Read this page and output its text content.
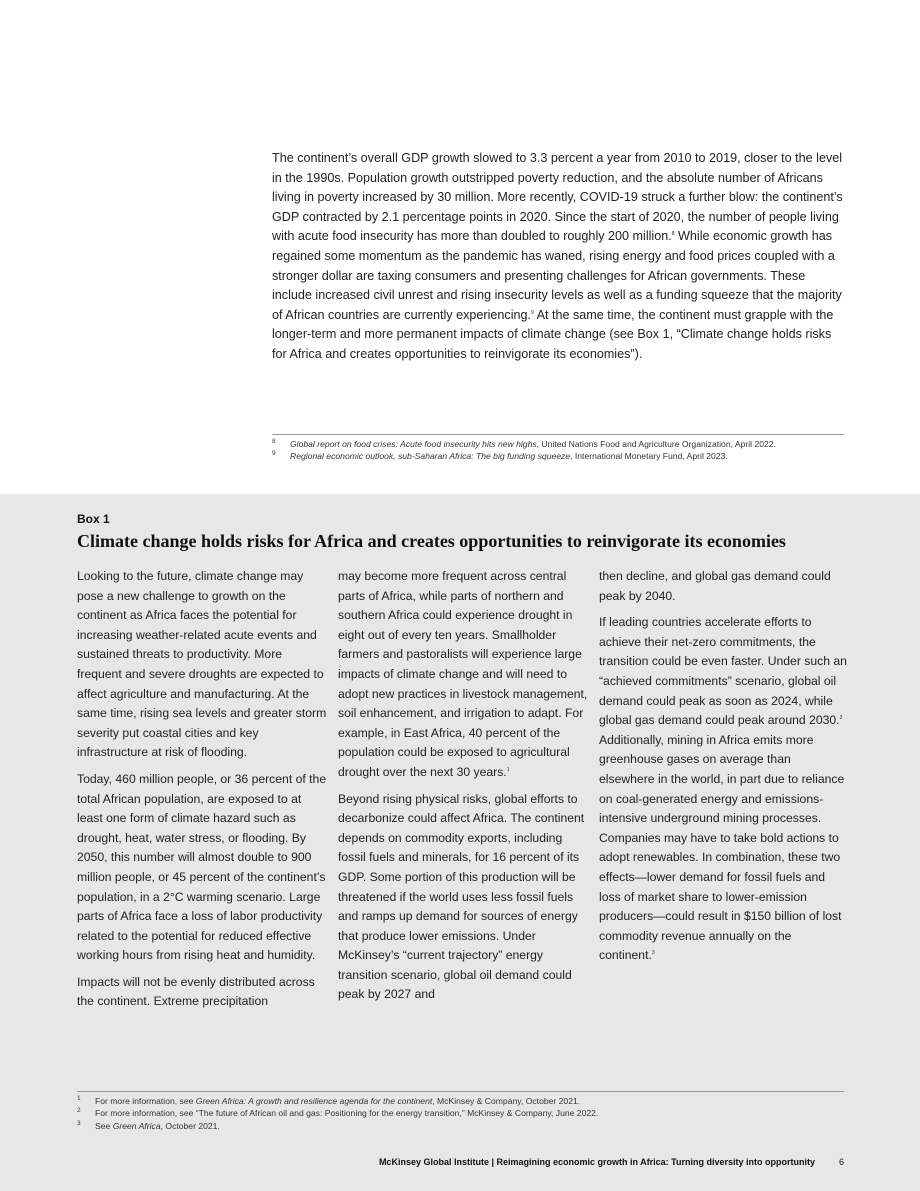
The continent’s overall GDP growth slowed to 3.3 percent a year from 2010 to 2019, closer to the level in the 1990s. Population growth outstripped poverty reduction, and the absolute number of Africans living in poverty increased by 30 million. More recently, COVID-19 struck a further blow: the continent’s GDP contracted by 2.1 percentage points in 2020. Since the start of 2020, the number of people living with acute food insecurity has more than doubled to roughly 200 million.$^8$ While economic growth has regained some momentum as the pandemic has waned, rising energy and food prices coupled with a stronger dollar are taxing consumers and presenting challenges for African governments. These include increased civil unrest and rising insecurity levels as well as a funding squeeze that the majority of African countries are currently experiencing.$^9$ At the same time, the continent must grapple with the longer-term and more permanent impacts of climate change (see Box 1, “Climate change holds risks for Africa and creates opportunities to reinvigorate its economies”).

8 Global report on food crises: Acute food insecurity hits new highs, United Nations Food and Agriculture Organization, April 2022.
9 Regional economic outlook, sub-Saharan Africa: The big funding squeeze, International Monetary Fund, April 2023.
Box 1
Climate change holds risks for Africa and creates opportunities to reinvigorate its economies

Looking to the future, climate change may pose a new challenge to growth on the continent as Africa faces the potential for increasing weather-related acute events and sustained threats to productivity. More frequent and severe droughts are expected to affect agriculture and manufacturing. At the same time, rising sea levels and greater storm severity put coastal cities and key infrastructure at risk of flooding.

Today, 460 million people, or 36 percent of the total African population, are exposed to at least one form of climate hazard such as drought, heat, water stress, or flooding. By 2050, this number will almost double to 900 million people, or 45 percent of the continent’s population, in a 2°C warming scenario. Large parts of Africa face a loss of labor productivity related to the potential for reduced effective working hours from rising heat and humidity.

Impacts will not be evenly distributed across the continent. Extreme precipitation

may become more frequent across central parts of Africa, while parts of northern and southern Africa could experience drought in eight out of every ten years. Smallholder farmers and pastoralists will experience large impacts of climate change and will need to adopt new practices in livestock management, soil enhancement, and irrigation to adapt. For example, in East Africa, 40 percent of the population could be exposed to agricultural drought over the next 30 years.$^1$

Beyond rising physical risks, global efforts to decarbonize could affect Africa. The continent depends on commodity exports, including fossil fuels and minerals, for 16 percent of its GDP. Some portion of this production will be threatened if the world uses less fossil fuels and ramps up demand for sources of energy that produce lower emissions. Under McKinsey’s “current trajectory” energy transition scenario, global oil demand could peak by 2027 and

then decline, and global gas demand could peak by 2040.

If leading countries accelerate efforts to achieve their net-zero commitments, the transition could be even faster. Under such an “achieved commitments” scenario, global oil demand could peak as soon as 2024, while global gas demand could peak around 2030.$^2$ Additionally, mining in Africa emits more greenhouse gases on average than elsewhere in the world, in part due to reliance on coal-generated energy and emissions-intensive underground mining processes. Companies may have to take bold actions to adopt renewables. In combination, these two effects—lower demand for fossil fuels and loss of market share to lower-emission producers—could result in $150 billion of lost commodity revenue annually on the continent.$^3$

1 For more information, see Green Africa: A growth and resilience agenda for the continent, McKinsey & Company, October 2021.
2 For more information, see “The future of African oil and gas: Positioning for the energy transition,” McKinsey & Company, June 2022.
3 See Green Africa, October 2021.
McKinsey Global Institute | Reimagining economic growth in Africa: Turning diversity into opportunity	6
